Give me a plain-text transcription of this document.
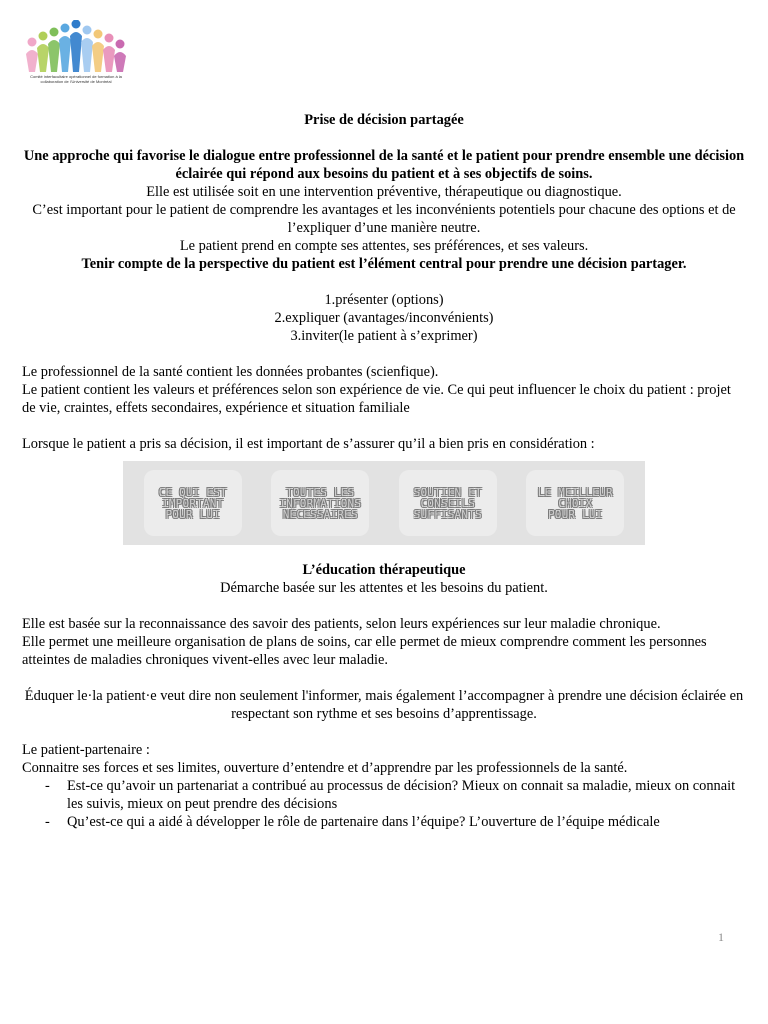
Comité interfacultaire opérationnel de formation à la collaboration de l'Université de Montréal

Prise de décision partagée

Une approche qui favorise le dialogue entre professionnel de la santé et le patient pour prendre ensemble une décision éclairée qui répond aux besoins du patient et à ses objectifs de soins.

Elle est utilisée soit en une intervention préventive, thérapeutique ou diagnostique.

C’est important pour le patient de comprendre les avantages et les inconvénients potentiels pour chacune des options et de l’expliquer d’une manière neutre.

Le patient prend en compte ses attentes, ses préférences, et ses valeurs.

Tenir compte de la perspective du patient est l’élément central pour prendre une décision partager.

1.présenter (options)

2.expliquer (avantages/inconvénients)

3.inviter(le patient à s’exprimer)

Le professionnel de la santé contient les données probantes (scienfique).

Le patient contient les valeurs et préférences selon son expérience de vie. Ce qui peut influencer le choix du patient : projet de vie, craintes, effets secondaires, expérience et situation familiale

Lorsque le patient a pris sa décision, il est important de s’assurer qu’il a bien pris en considération :

CE QUI EST
IMPORTANT
POUR LUI
TOUTES LES
INFORMATIONS
NÉCESSAIRES
SOUTIEN ET
CONSEILS
SUFFISANTS
LE MEILLEUR
CHOIX
POUR LUI

L’éducation thérapeutique

Démarche basée sur les attentes et les besoins du patient.

Elle est basée sur la reconnaissance des savoir des patients, selon leurs expériences sur leur maladie chronique.

Elle permet une meilleure organisation de plans de soins, car elle permet de mieux comprendre comment les personnes atteintes de maladies chroniques vivent-elles avec leur maladie.

Éduquer le·la patient·e veut dire non seulement l'informer, mais également l’accompagner à prendre une décision éclairée en respectant son rythme et ses besoins d’apprentissage.

Le patient-partenaire :

Connaitre ses forces et ses limites, ouverture d’entendre et d’apprendre par les professionnels de la santé.

- Est-ce qu’avoir un partenariat a contribué au processus de décision? Mieux on connait sa maladie, mieux on connait les suivis, mieux on peut prendre des décisions
- Qu’est-ce qui a aidé à développer le rôle de partenaire dans l’équipe? L’ouverture de l’équipe médicale
1
